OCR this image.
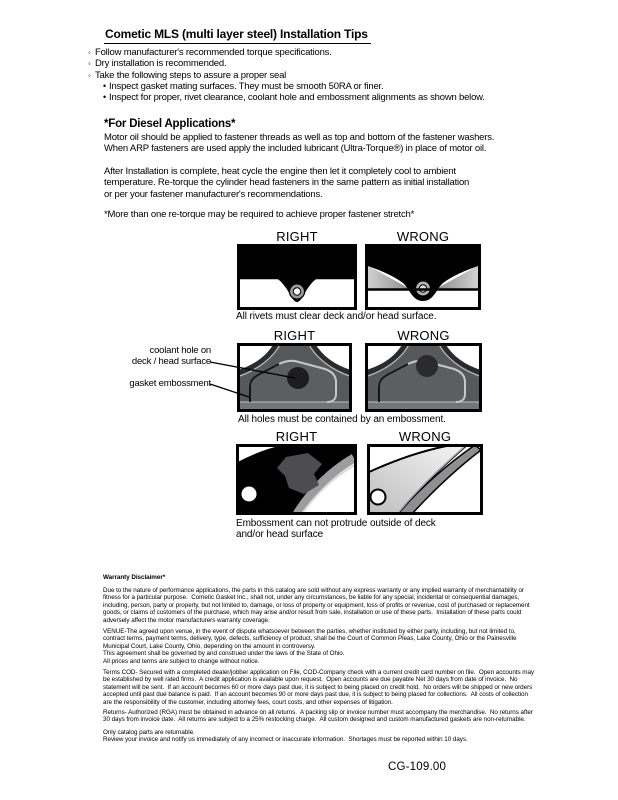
Cometic MLS (multi layer steel) Installation Tips
◦ Follow manufacturer's recommended torque specifications.
◦ Dry installation is recommended.
◦ Take the following steps to assure a proper seal
• Inspect gasket mating surfaces. They must be smooth 50RA or finer.
• Inspect for proper, rivet clearance, coolant hole and embossment alignments as shown below.
*For Diesel Applications*
Motor oil should be applied to fastener threads as well as top and bottom of the fastener washers.
When ARP fasteners are used apply the included lubricant (Ultra-Torque®) in place of motor oil.
After Installation is complete, heat cycle the engine then let it completely cool to ambient
temperature. Re-torque the cylinder head fasteners in the same pattern as initial installation
or per your fastener manufacturer's recommendations.
*More than one re-torque may be required to achieve proper fastener stretch*
RIGHT	WRONG
All rivets must clear deck and/or head surface.
RIGHT	WRONG
coolant hole on
deck / head surface
gasket embossment
All holes must be contained by an embossment.
RIGHT	WRONG
Embossment can not protrude outside of deck
and/or head surface
Warranty Disclaimer*
Due to the nature of performance applications, the parts in this catalog are sold without any express warranty or any implied warranty of merchantability or
fitness for a particular purpose.  Cometic Gasket Inc., shall not, under any circumstances, be liable for any special, incidental or consequential damages,
including, person, party or property, but not limited to, damage, or loss of property or equipment, loss of profits or revenue, cost of purchased or replacement
goods, or claims of customers of the purchase, which may arise and/or result from sale, installation or use of these parts.  Installation of these parts could
adversely affect the motor manufacturers warranty coverage.
VENUE-The agreed upon venue, in the event of dispute whatsoever between the parties, whether instituted by either party, including, but not limited to,
contract terms, payment terms, delivery, type, defects, sufficiency of product, shall be the Court of Common Pleas, Lake County, Ohio or the Painesville
Municipal Court, Lake County, Ohio, depending on the amount in controversy.
This agreement shall be governed by and construed under the laws of the State of Ohio.
All prices and terms are subject to change without notice.
Terms COD- Secured with a completed dealer/jobber application on File, COD-Company check with a current credit card number on file.  Open accounts may
be established by well rated firms.  A credit application is available upon request.  Open accounts are due payable Net 30 days from date of invoice.  No
statement will be sent.  If an account becomes 60 or more days past due, it is subject to being placed on credit hold.  No orders will be shipped or new orders
accepted until past due balance is paid.  If an account becomes 90 or more days past due, it is subject to being placed for collections.  All costs of collection
are the responsibility of the customer, including attorney fees, court costs, and other expenses of litigation.
Returns- Authorized (RGA) must be obtained in advance on all returns.  A packing slip or invoice number must accompany the merchandise.  No returns after
30 days from invoice date.  All returns are subject to a 25% restocking charge.  All custom designed and custom manufactured gaskets are non-returnable.
Only catalog parts are returnable.
Review your invoice and notify us immediately of any incorrect or inaccurate information.  Shortages must be reported within 10 days.
CG-109.00
